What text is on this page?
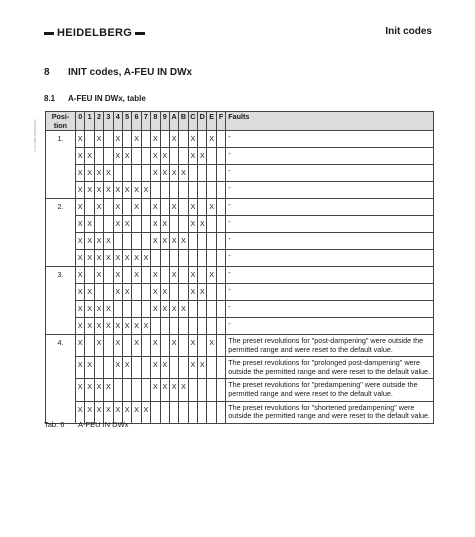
HEIDELBERG	Init codes
8 INIT codes, A-FEU IN DWx
8.1 A-FEU IN DWx, table
2.700.0000.0000000000
Posi-tion	0	1	2	3	4	5	6	7	8	9	A	B	C	D	E	F	Faults
1.	X		X		X		X		X		X		X		X		-
	X	X			X	X			X	X			X	X			-
	X	X	X	X					X	X	X	X					-
	X	X	X	X	X	X	X	X									-
2.	X		X		X		X		X		X		X		X		-
	X	X			X	X			X	X			X	X			-
	X	X	X	X					X	X	X	X					-
	X	X	X	X	X	X	X	X									-
3.	X		X		X		X		X		X		X		X		-
	X	X			X	X			X	X			X	X			-
	X	X	X	X					X	X	X	X					-
	X	X	X	X	X	X	X	X									-
4.	X		X		X		X		X		X		X		X		The preset revolutions for "post-dampening" were outside the permitted range and were reset to the default value.
	X	X			X	X			X	X			X	X			The preset revolutions for "prolonged post-dampening" were outside the permitted range and were reset to the default value.
	X	X	X	X					X	X	X	X					The preset revolutions for "predampening" were outside the permitted range and were reset to the default value.
	X	X	X	X	X	X	X	X									The preset revolutions for "shortened predampening" were outside the permitted range and were reset to the default value.
Tab. 6 A-FEU IN DWx
